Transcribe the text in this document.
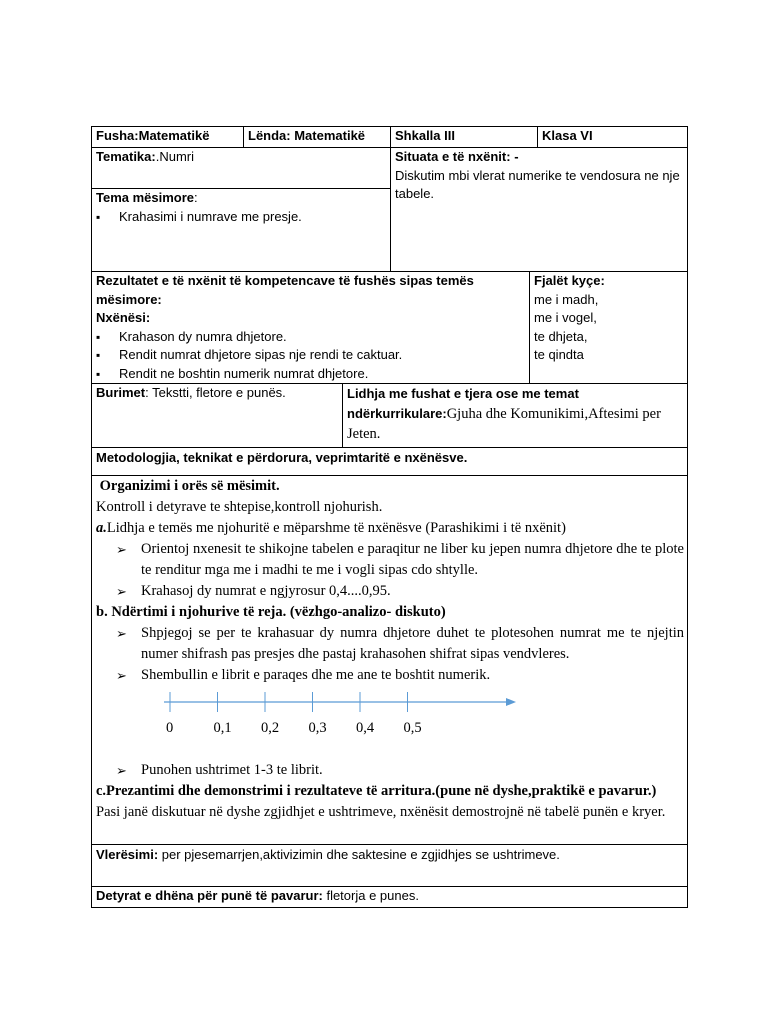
Fusha:Matematikë	Lënda: Matematikë	Shkalla III	Klasa VI
Tematika:.Numri
Tema mësimore:
▪ Krahasimi i numrave me presje.
Situata e të nxënit: -
Diskutim mbi vlerat numerike te vendosura ne nje tabele.
Rezultatet e të nxënit të kompetencave të fushës sipas temës mësimore:
Nxënësi:
▪ Krahason dy numra dhjetore.
▪ Rendit numrat dhjetore sipas nje rendi te caktuar.
▪ Rendit ne boshtin numerik numrat dhjetore.
Fjalët kyçe:
me i madh,
me i vogel,
te dhjeta,
te qindta
Burimet: Tekstti, fletore e punës.	Lidhja me fushat e tjera ose me temat ndërkurrikulare:Gjuha dhe Komunikimi,Aftesimi per Jeten.
Metodologjia, teknikat e përdorura, veprimtaritë e nxënësve.
Organizimi i orës së mësimit.
Kontroll i detyrave te shtepise,kontroll njohurish.
a.Lidhja e temës me njohuritë e mëparshme të nxënësve (Parashikimi i të nxënit)
➢ Orientoj nxenesit te shikojne tabelen e paraqitur ne liber ku jepen numra dhjetore dhe te plote te renditur mga me i madhi te me i vogli sipas cdo shtylle.
➢ Krahasoj dy numrat e ngjyrosur 0,4....0,95.
b. Ndërtimi i njohurive të reja. (vëzhgo-analizo- diskuto)
➢ Shpjegoj se per te krahasuar dy numra dhjetore duhet te plotesohen numrat me te njejtin numer shifrash pas presjes dhe pastaj krahasohen shifrat sipas vendvleres.
➢ Shembullin e librit e paraqes dhe me ane te boshtit numerik.
➢ Punohen ushtrimet 1-3 te librit.
c.Prezantimi dhe demonstrimi i rezultateve të arritura.(pune në dyshe,praktikë e pavarur.)
Pasi janë diskutuar në dyshe zgjidhjet e ushtrimeve, nxënësit demostrojnë në tabelë punën e kryer.
0	0,1 0,2 0,3 0,4 0,5
Vlerësimi: per pjesemarrjen,aktivizimin dhe saktesine e zgjidhjes se ushtrimeve.
Detyrat e dhëna për punë të pavarur: fletorja e punes.
